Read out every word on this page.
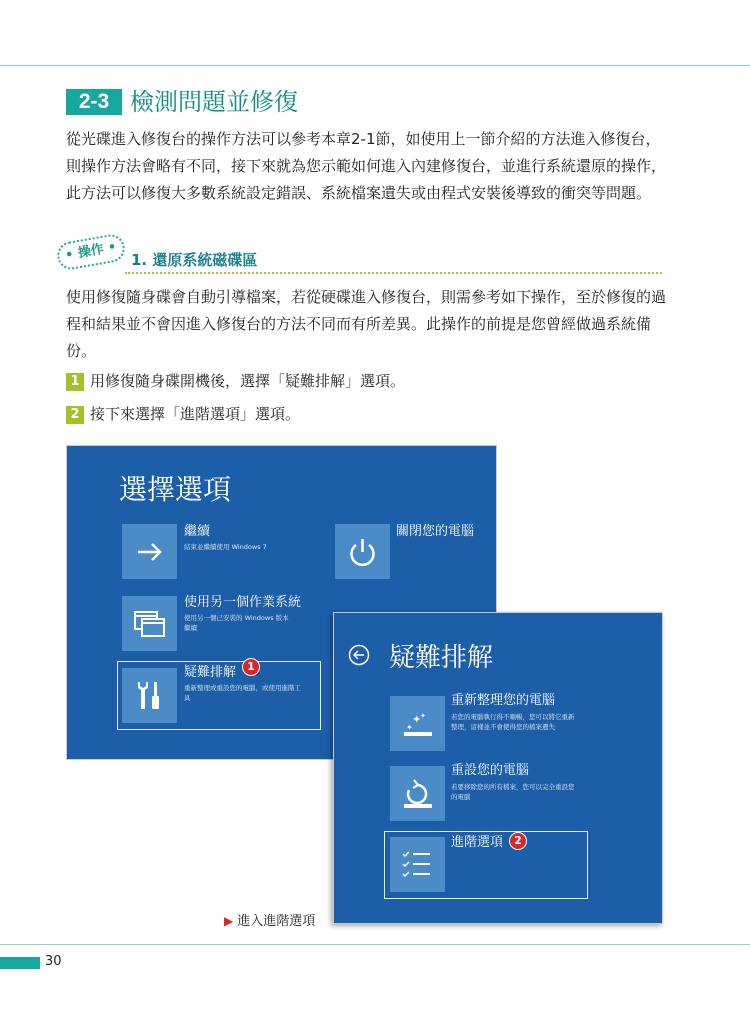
2-3 檢測問題並修復

從光碟進入修復台的操作方法可以參考本章2-1節，如使用上一節介紹的方法進入修復台，則操作方法會略有不同，接下來就為您示範如何進入內建修復台，並進行系統還原的操作，此方法可以修復大多數系統設定錯誤、系統檔案遺失或由程式安裝後導致的衝突等問題。

• 操作 •
1. 還原系統磁碟區

使用修復隨身碟會自動引導檔案，若從硬碟進入修復台，則需參考如下操作，至於修復的過程和結果並不會因進入修復台的方法不同而有所差異。此操作的前提是您曾經做過系統備份。

1 用修復隨身碟開機後，選擇「疑難排解」選項。
2 接下來選擇「進階選項」選項。
選擇選項
繼續
結束並繼續使用 Windows 7
關閉您的電腦
使用另一個作業系統
使用另一個已安裝的 Windows 版本繼續
疑難排解	1
重新整理或重設您的電腦，或使用進階工具
疑難排解
✦
✦
✦
重新整理您的電腦
若您的電腦執行得不順暢，您可以將它重新整理，這樣並不會使得您的檔案遺失
重設您的電腦
若要移除您的所有檔案，您可以完全重設您的電腦
進階選項	2
▶ 進入進階選項
30
